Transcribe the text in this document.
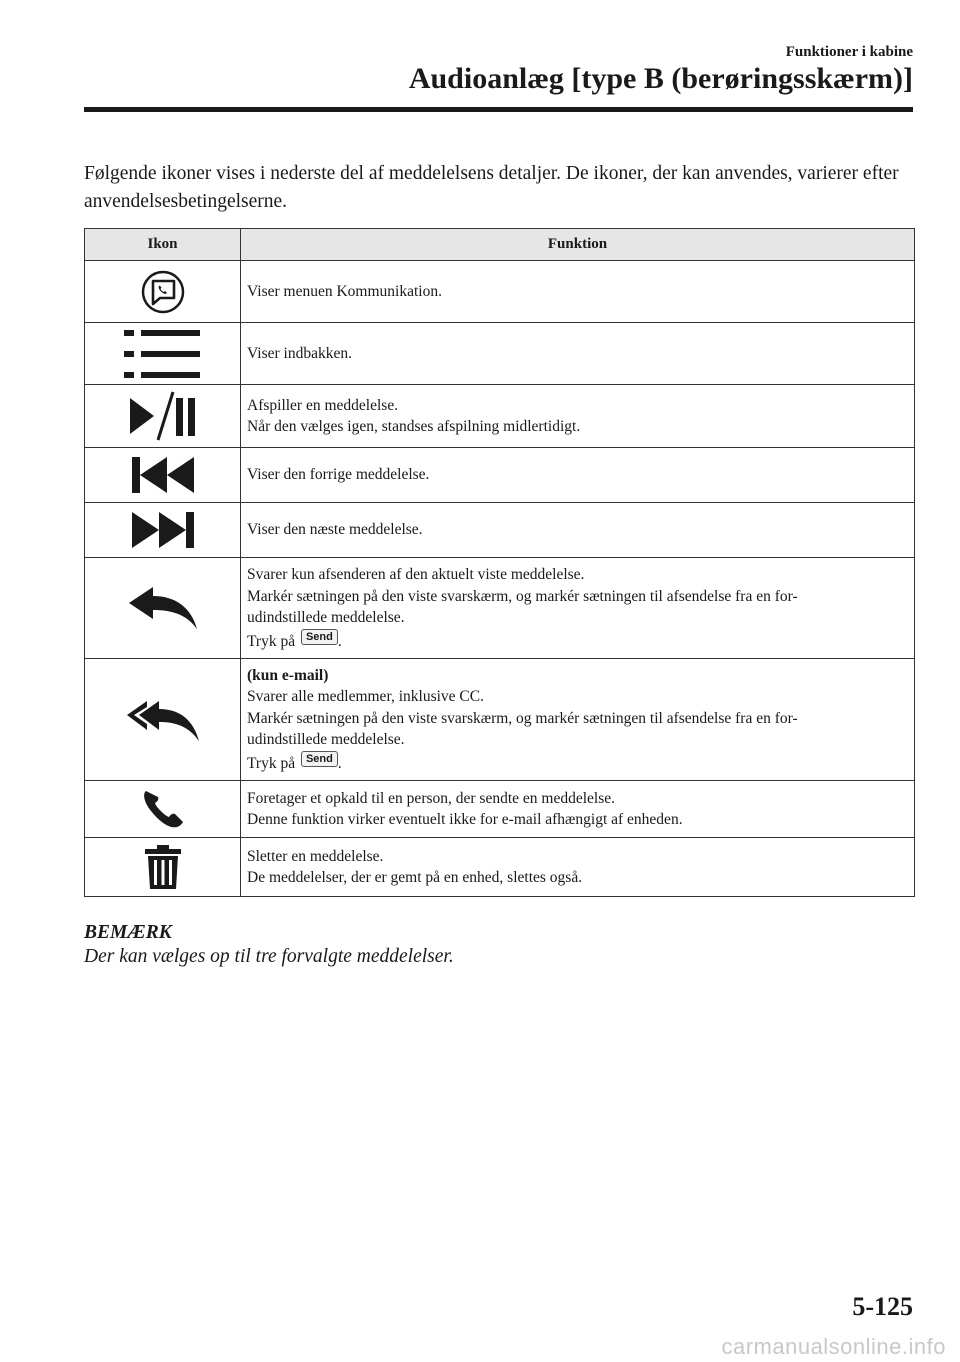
Funktioner i kabine
Audioanlæg [type B (berøringsskærm)]
Følgende ikoner vises i nederste del af meddelelsens detaljer. De ikoner, der kan anvendes, varierer efter anvendelsesbetingelserne.
Ikon	Funktion

Viser menuen Kommunikation.

Viser indbakken.

Afspiller en meddelelse.
Når den vælges igen, standses afspilning midlertidigt.

Viser den forrige meddelelse.

Viser den næste meddelelse.

Svarer kun afsenderen af den aktuelt viste meddelelse.
Markér sætningen på den viste svarskærm, og markér sætningen til afsendelse fra en for-
udindstillede meddelelse.
Tryk på Send .

(kun e-mail)
Svarer alle medlemmer, inklusive CC.
Markér sætningen på den viste svarskærm, og markér sætningen til afsendelse fra en for-
udindstillede meddelelse.
Tryk på Send .

Foretager et opkald til en person, der sendte en meddelelse.
Denne funktion virker eventuelt ikke for e-mail afhængigt af enheden.

Sletter en meddelelse.
De meddelelser, der er gemt på en enhed, slettes også.
BEMÆRK
Der kan vælges op til tre forvalgte meddelelser.
5-125
carmanualsonline.info
